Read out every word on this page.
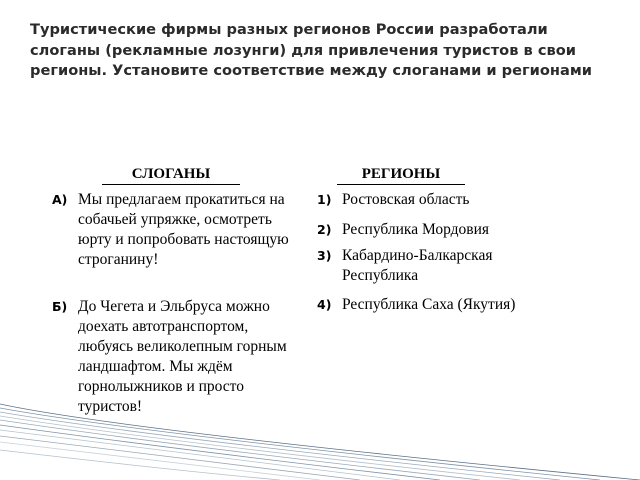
Туристические фирмы разных регионов России разработали слоганы (рекламные лозунги) для привлечения туристов в свои регионы. Установите соответствие между слоганами и регионами
СЛОГАНЫ	РЕГИОНЫ
А) Мы предлагаем прокатиться на собачьей упряжке, осмотреть юрту и попробовать настоящую строганину!
Б) До Чегета и Эльбруса можно доехать автотранспортом, любуясь великолепным горным ландшафтом. Мы ждём горнолыжников и просто туристов!
1) Ростовская область
2) Республика Мордовия
3) Кабардино-Балкарская Республика
4) Республика Саха (Якутия)
